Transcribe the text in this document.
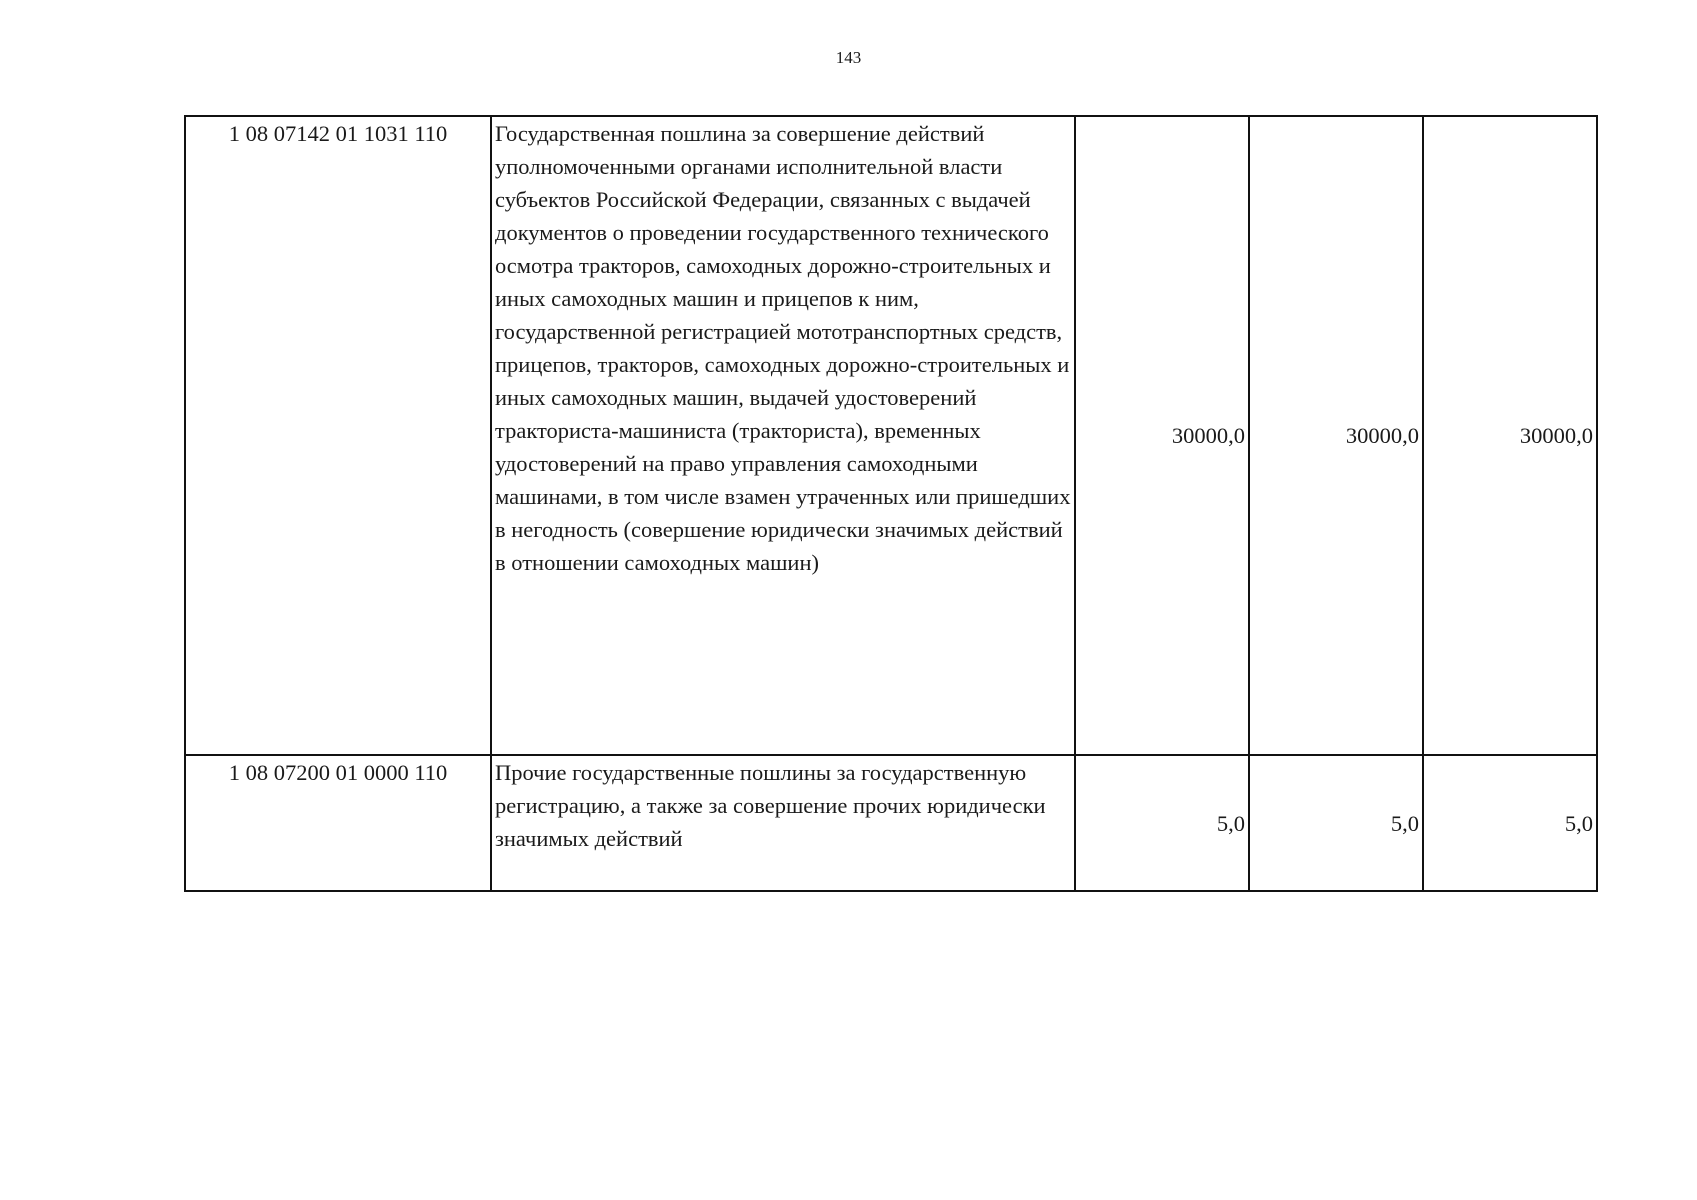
143
1 08 07142 01 1031 110	Государственная пошлина за совершение действий уполномоченными органами исполнительной власти субъектов Российской Федерации, связанных с выдачей документов о проведении государственного технического осмотра тракторов, самоходных дорожно-строительных и иных самоходных машин и прицепов к ним, государственной регистрацией мототранспортных средств, прицепов, тракторов, самоходных дорожно-строительных и иных самоходных машин, выдачей удостоверений тракториста-машиниста (тракториста), временных удостоверений на право управления самоходными машинами, в том числе взамен утраченных или пришедших в негодность (совершение юридически значимых действий в отношении самоходных машин)	30000,0	30000,0	30000,0
1 08 07200 01 0000 110	Прочие государственные пошлины за государственную регистрацию, а также за совершение прочих юридически значимых действий	5,0	5,0	5,0
